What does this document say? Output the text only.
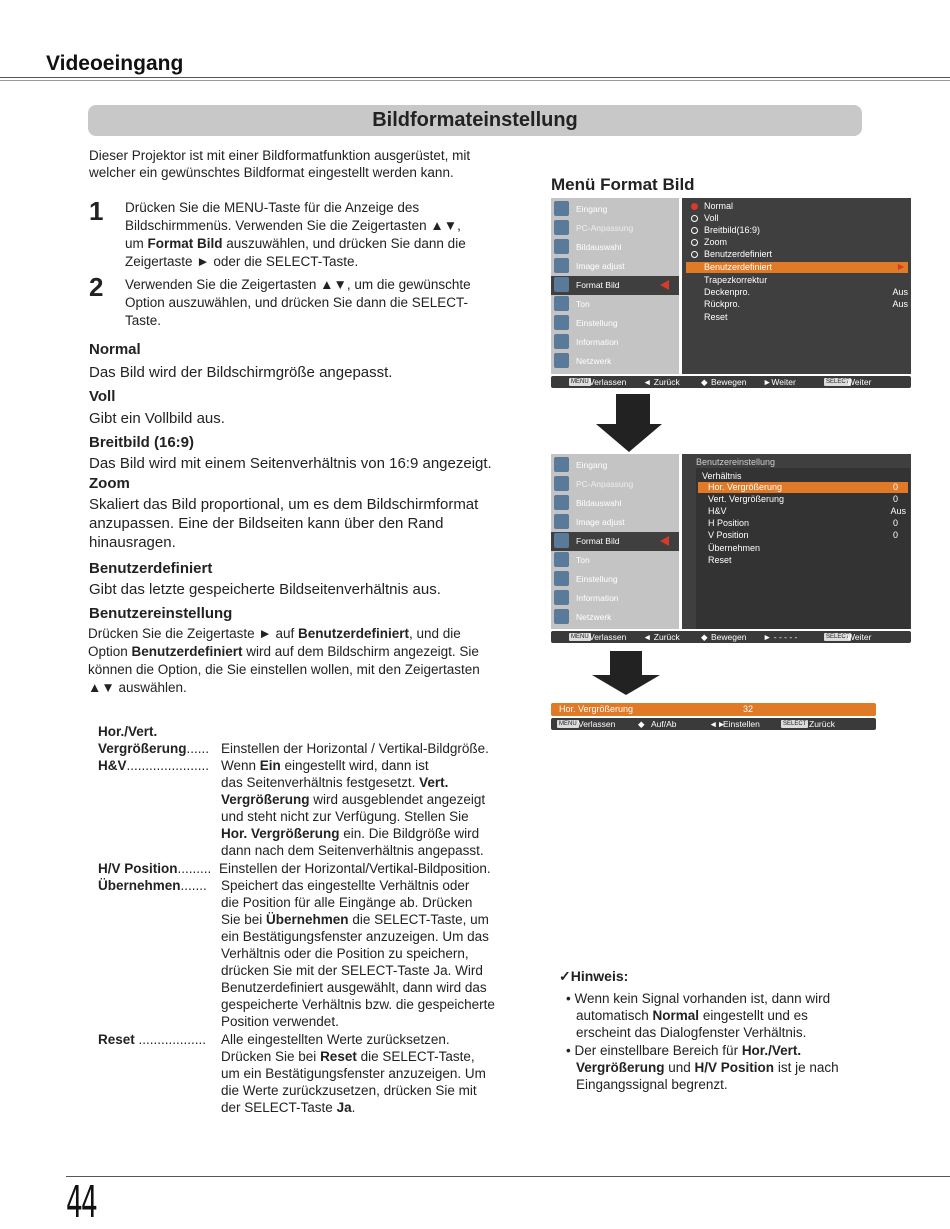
Videoeingang
Bildformateinstellung
Dieser Projektor ist mit einer Bildformatfunktion ausgerüstet, mit welcher ein gewünschtes Bildformat eingestellt werden kann.
1 Drücken Sie die MENU-Taste für die Anzeige des
Bildschirmmenüs. Verwenden Sie die Zeigertasten ▲▼,
um Format Bild auszuwählen, und drücken Sie dann die
Zeigertaste ► oder die SELECT-Taste.
2 Verwenden Sie die Zeigertasten ▲▼, um die gewünschte
Option auszuwählen, und drücken Sie dann die SELECT-
Taste.
Normal
Das Bild wird der Bildschirmgröße angepasst.
Voll
Gibt ein Vollbild aus.
Breitbild (16:9)
Das Bild wird mit einem Seitenverhältnis von 16:9 angezeigt.
Zoom
Skaliert das Bild proportional, um es dem Bildschirmformat
anzupassen. Eine der Bildseiten kann über den Rand
hinausragen.
Benutzerdefiniert
Gibt das letzte gespeicherte Bildseitenverhältnis aus.
Benutzereinstellung
Drücken Sie die Zeigertaste ► auf Benutzerdefiniert, und die
Option Benutzerdefiniert wird auf dem Bildschirm angezeigt. Sie
können die Option, die Sie einstellen wollen, mit den Zeigertasten
▲▼ auswählen.
Hor./Vert.
Vergrößerung...... Einstellen der Horizontal / Vertikal-Bildgröße.
H&V...................... Wenn Ein eingestellt wird, dann ist
das Seitenverhältnis festgesetzt. Vert.
Vergrößerung wird ausgeblendet angezeigt
und steht nicht zur Verfügung. Stellen Sie
Hor. Vergrößerung ein. Die Bildgröße wird
dann nach dem Seitenverhältnis angepasst.
H/V Position......... Einstellen der Horizontal/Vertikal-Bildposition.
Übernehmen....... Speichert das eingestellte Verhältnis oder
die Position für alle Eingänge ab. Drücken
Sie bei Übernehmen die SELECT-Taste, um
ein Bestätigungsfenster anzuzeigen. Um das
Verhältnis oder die Position zu speichern,
drücken Sie mit der SELECT-Taste Ja. Wird
Benutzerdefiniert ausgewählt, dann wird das
gespeicherte Verhältnis bzw. die gespeicherte
Position verwendet.
Reset .................. Alle eingestellten Werte zurücksetzen.
Drücken Sie bei Reset die SELECT-Taste,
um ein Bestätigungsfenster anzuzeigen. Um
die Werte zurückzusetzen, drücken Sie mit
der SELECT-Taste Ja.
Menü Format Bild
Eingang
PC-Anpassung
Bildauswahl
Image adjust
Format Bild
Ton
Einstellung
Information
Netzwerk
Normal
Voll
Breitbild(16:9)
Zoom
Benutzerdefiniert
Benutzerdefiniert	▶
Trapezkorrektur
Deckenpro.	Aus
Rückpro.	Aus
Reset
MENU Verlassen ◄ Zurück ◆ Bewegen ►Weiter	SELECT
Weiter
Eingang
PC-Anpassung
Bildauswahl
Image adjust
Format Bild
Ton
Einstellung
Information
Netzwerk
Benutzereinstellung
Verhältnis
Hor. Vergrößerung	0
Vert. Vergrößerung	0
H&V	Aus
H Position	0
V Position	0
Übernehmen
Reset
MENU Verlassen ◄ Zurück ◆ Bewegen ► - - - - -	SELECT
Weiter
Hor. Vergrößerung	32
MENU Verlassen	◆ Auf/Ab	◄►
Einstellen	SELECT Zurück
✓Hinweis:
• Wenn kein Signal vorhanden ist, dann wird
automatisch Normal eingestellt und es
erscheint das Dialogfenster Verhältnis.
• Der einstellbare Bereich für Hor./Vert.
Vergrößerung und H/V Position ist je nach
Eingangssignal begrenzt.
44
